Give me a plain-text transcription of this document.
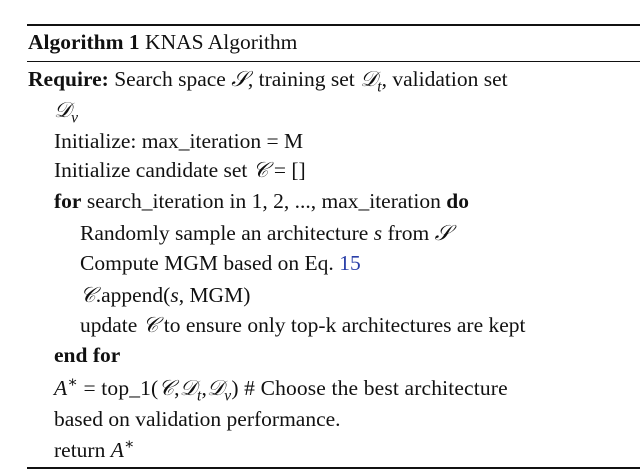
Algorithm 1 KNAS Algorithm
Require: Search space 𝒮, training set 𝒟$_t$, validation set
𝒟$_v$
Initialize: max_iteration = M
Initialize candidate set 𝒞 = []
for search_iteration in 1, 2, ..., max_iteration do
Randomly sample an architecture s from 𝒮
Compute MGM based on Eq. 15
𝒞.append(s, MGM)
update 𝒞 to ensure only top-k architectures are kept
end for
A∗ = top_1(𝒞,𝒟$_t$,𝒟$_v$) # Choose the best architecture
based on validation performance.
return A∗
